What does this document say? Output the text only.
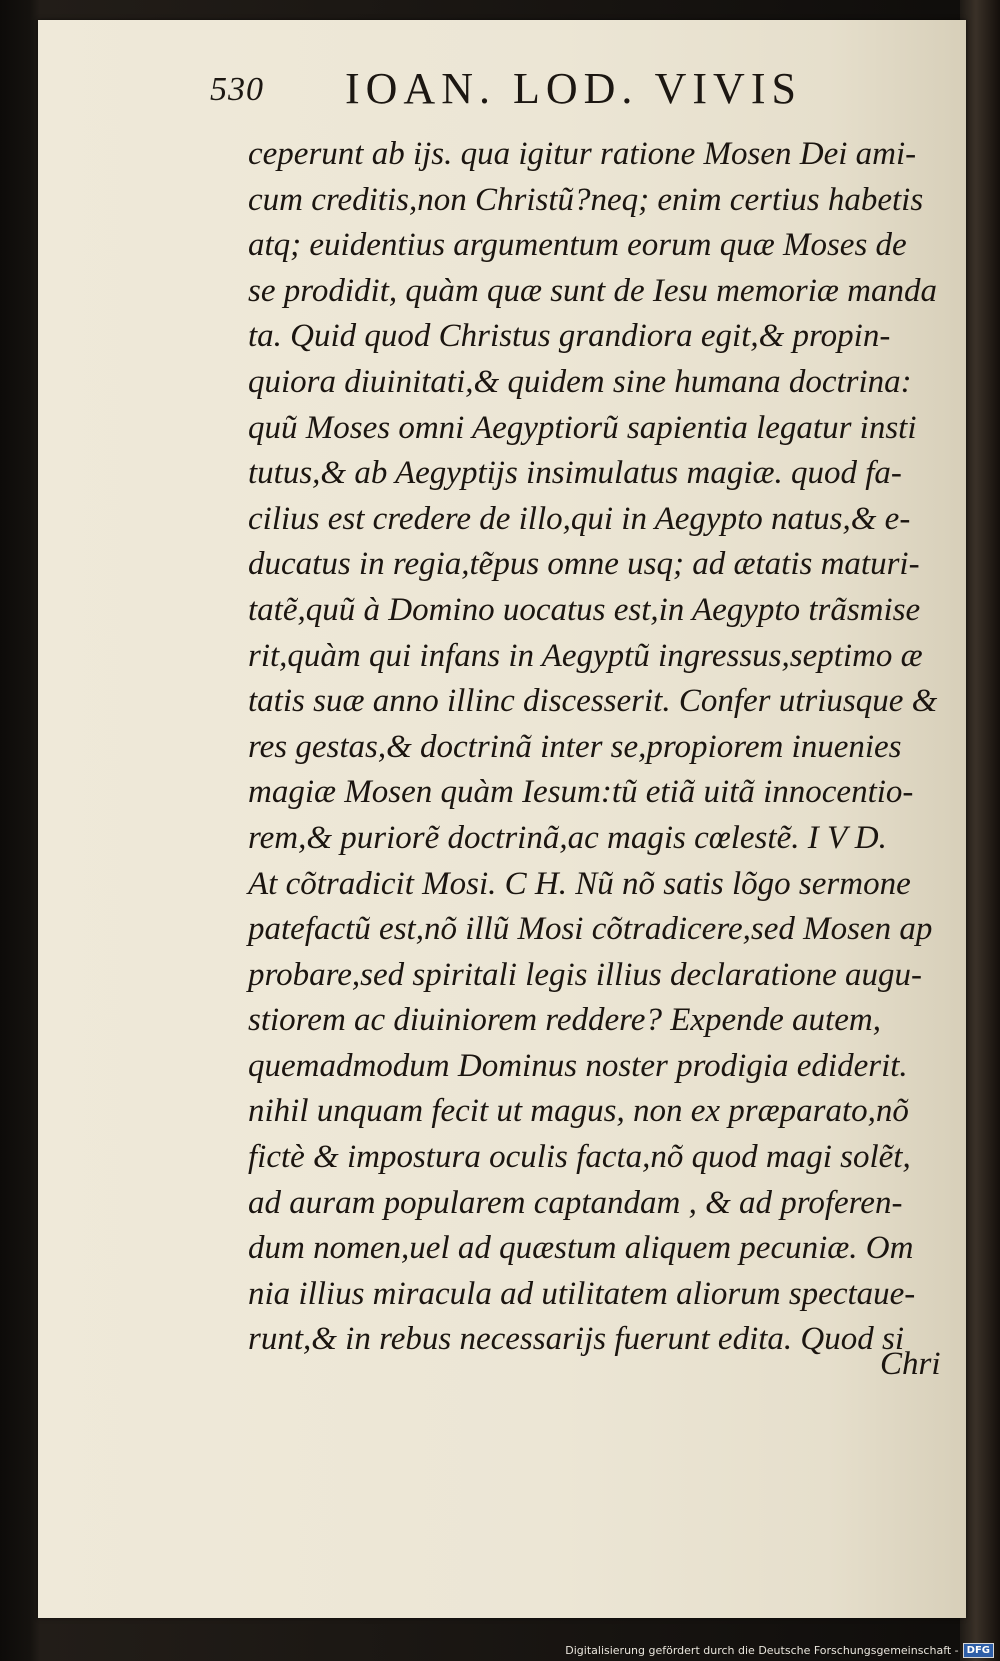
530 IOAN. LOD. VIVIS
ceperunt ab ijs. qua igitur ratione Mosen Dei ami-
cum creditis,non Christũ?neq; enim certius habetis
atq; euidentius argumentum eorum quæ Moses de
se prodidit, quàm quæ sunt de Iesu memoriæ manda
ta. Quid quod Christus grandiora egit,& propin-
quiora diuinitati,& quidem sine humana doctrina:
quũ Moses omni Aegyptiorũ sapientia legatur insti
tutus,& ab Aegyptijs insimulatus magiæ. quod fa-
cilius est credere de illo,qui in Aegypto natus,& e-
ducatus in regia,tẽpus omne usq; ad ætatis maturi-
tatẽ,quũ à Domino uocatus est,in Aegypto trãsmise
rit,quàm qui infans in Aegyptũ ingressus,septimo æ
tatis suæ anno illinc discesserit. Confer utriusque &
res gestas,& doctrinã inter se,propiorem inuenies
magiæ Mosen quàm Iesum:tũ etiã uitã innocentio-
rem,& puriorẽ doctrinã,ac magis cœlestẽ. I V D.
At cõtradicit Mosi. C H. Nũ nõ satis lõgo sermone
patefactũ est,nõ illũ Mosi cõtradicere,sed Mosen ap
probare,sed spiritali legis illius declaratione augu-
stiorem ac diuiniorem reddere? Expende autem,
quemadmodum Dominus noster prodigia ediderit.
nihil unquam fecit ut magus, non ex præparato,nõ
fictè & impostura oculis facta,nõ quod magi solẽt,
ad auram popularem captandam , & ad proferen-
dum nomen,uel ad quæstum aliquem pecuniæ. Om
nia illius miracula ad utilitatem aliorum spectaue-
runt,& in rebus necessarijs fuerunt edita. Quod si
Chri
Digitalisierung gefördert durch die Deutsche Forschungsgemeinschaft - DFG
